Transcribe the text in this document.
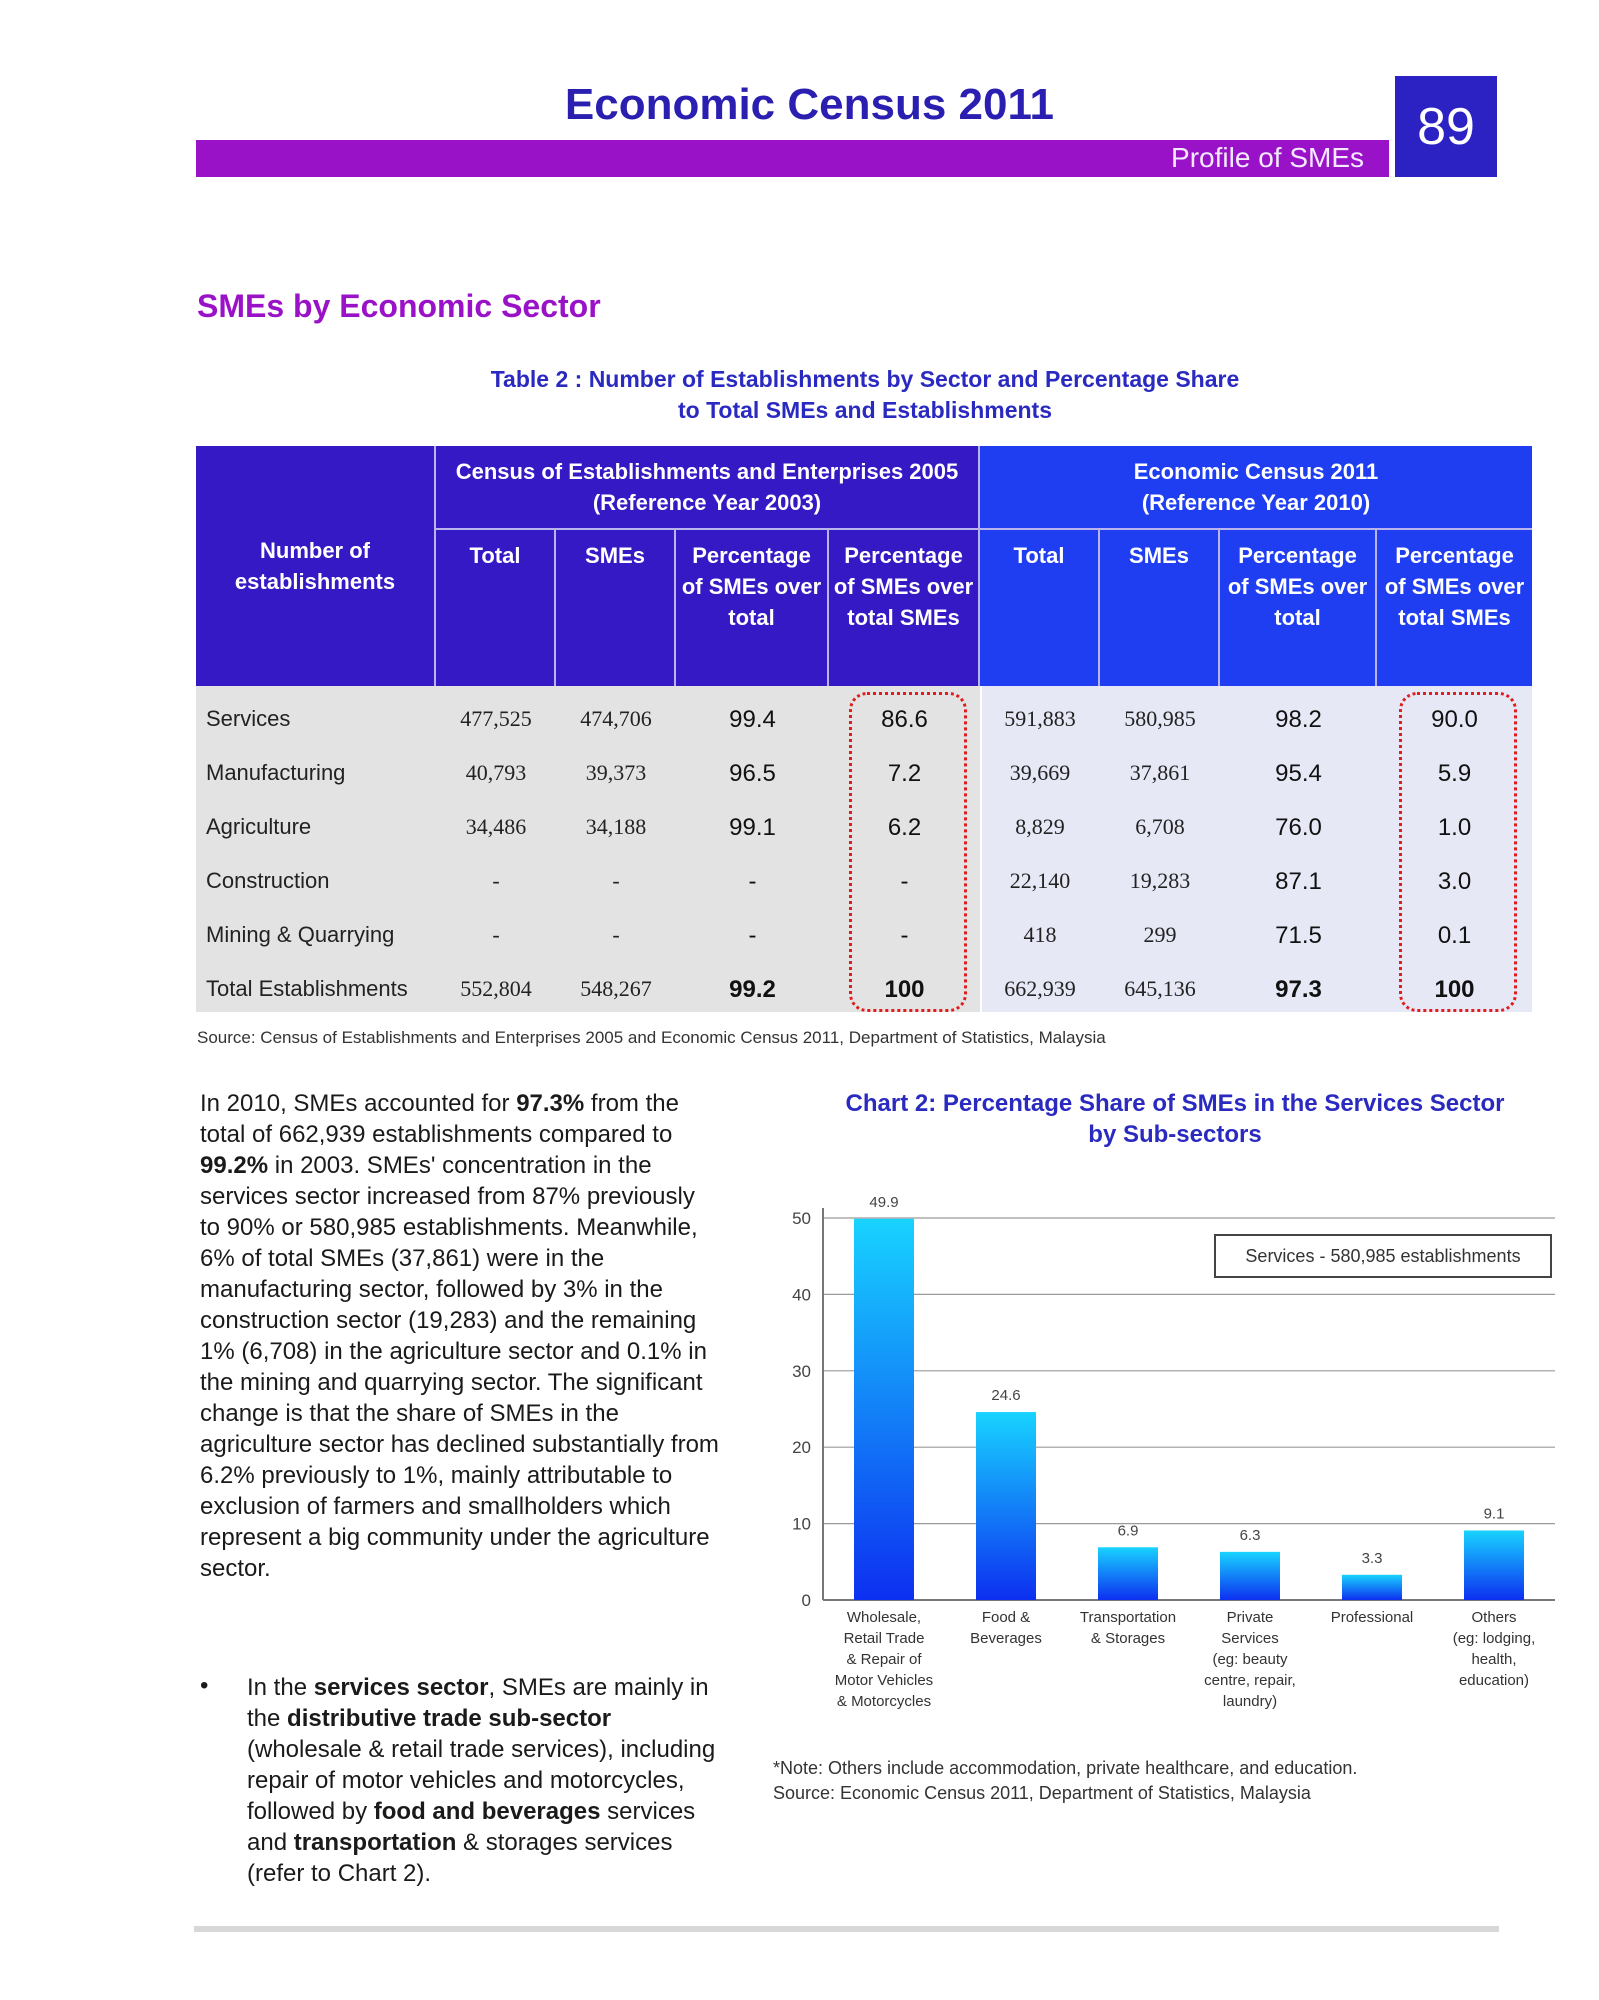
Economic Census 2011
Profile of SMEs
89
SMEs by Economic Sector
Table 2 : Number of Establishments by Sector and Percentage Share
to Total SMEs and Establishments
Number of establishments
Census of Establishments and Enterprises 2005
(Reference Year 2003)
Economic Census 2011
(Reference Year 2010)
Total	SMEs	Percentage of SMEs over total
Percentage of SMEs over total SMEs
Total	SMEs	Percentage of SMEs over total
Percentage of SMEs over total SMEs
Services	477,525	474,706	99.4	86.6	591,883	580,985	98.2	90.0
Manufacturing	40,793	39,373	96.5	7.2	39,669	37,861	95.4	5.9
Agriculture	34,486	34,188	99.1	6.2	8,829	6,708	76.0	1.0
Construction	-	-	-	-	22,140	19,283	87.1	3.0
Mining & Quarrying	-	-	-	-	418	299	71.5	0.1
Total Establishments	552,804	548,267	99.2	100	662,939	645,136	97.3	100
Source: Census of Establishments and Enterprises 2005 and Economic Census 2011, Department of Statistics, Malaysia
In 2010, SMEs accounted for 97.3% from the total of 662,939 establishments compared to 99.2% in 2003. SMEs' concentration in the services sector increased from 87% previously to 90% or 580,985 establishments. Meanwhile, 6% of total SMEs (37,861) were in the manufacturing sector, followed by 3% in the construction sector (19,283) and the remaining 1% (6,708) in the agriculture sector and 0.1% in the mining and quarrying sector. The significant change is that the share of SMEs in the agriculture sector has declined substantially from 6.2% previously to 1%, mainly attributable to exclusion of farmers and smallholders which represent a big community under the agriculture sector.
• In the services sector, SMEs are mainly in the distributive trade sub-sector (wholesale & retail trade services), including repair of motor vehicles and motorcycles, followed by food and beverages services and transportation & storages services (refer to Chart 2).
Chart 2: Percentage Share of SMEs in the Services Sector
by Sub-sectors
0
10
20
30
40
50
49.9
Wholesale, Retail Trade & Repair of Motor Vehicles & Motorcycles
24.6
Food & Beverages
6.9
Transportation & Storages
6.3
Private Services (eg: beauty centre, repair, laundry)
3.3
Professional
9.1
Others (eg: lodging, health, education)
Services - 580,985 establishments
*Note: Others include accommodation, private healthcare, and education.
Source: Economic Census 2011, Department of Statistics, Malaysia
